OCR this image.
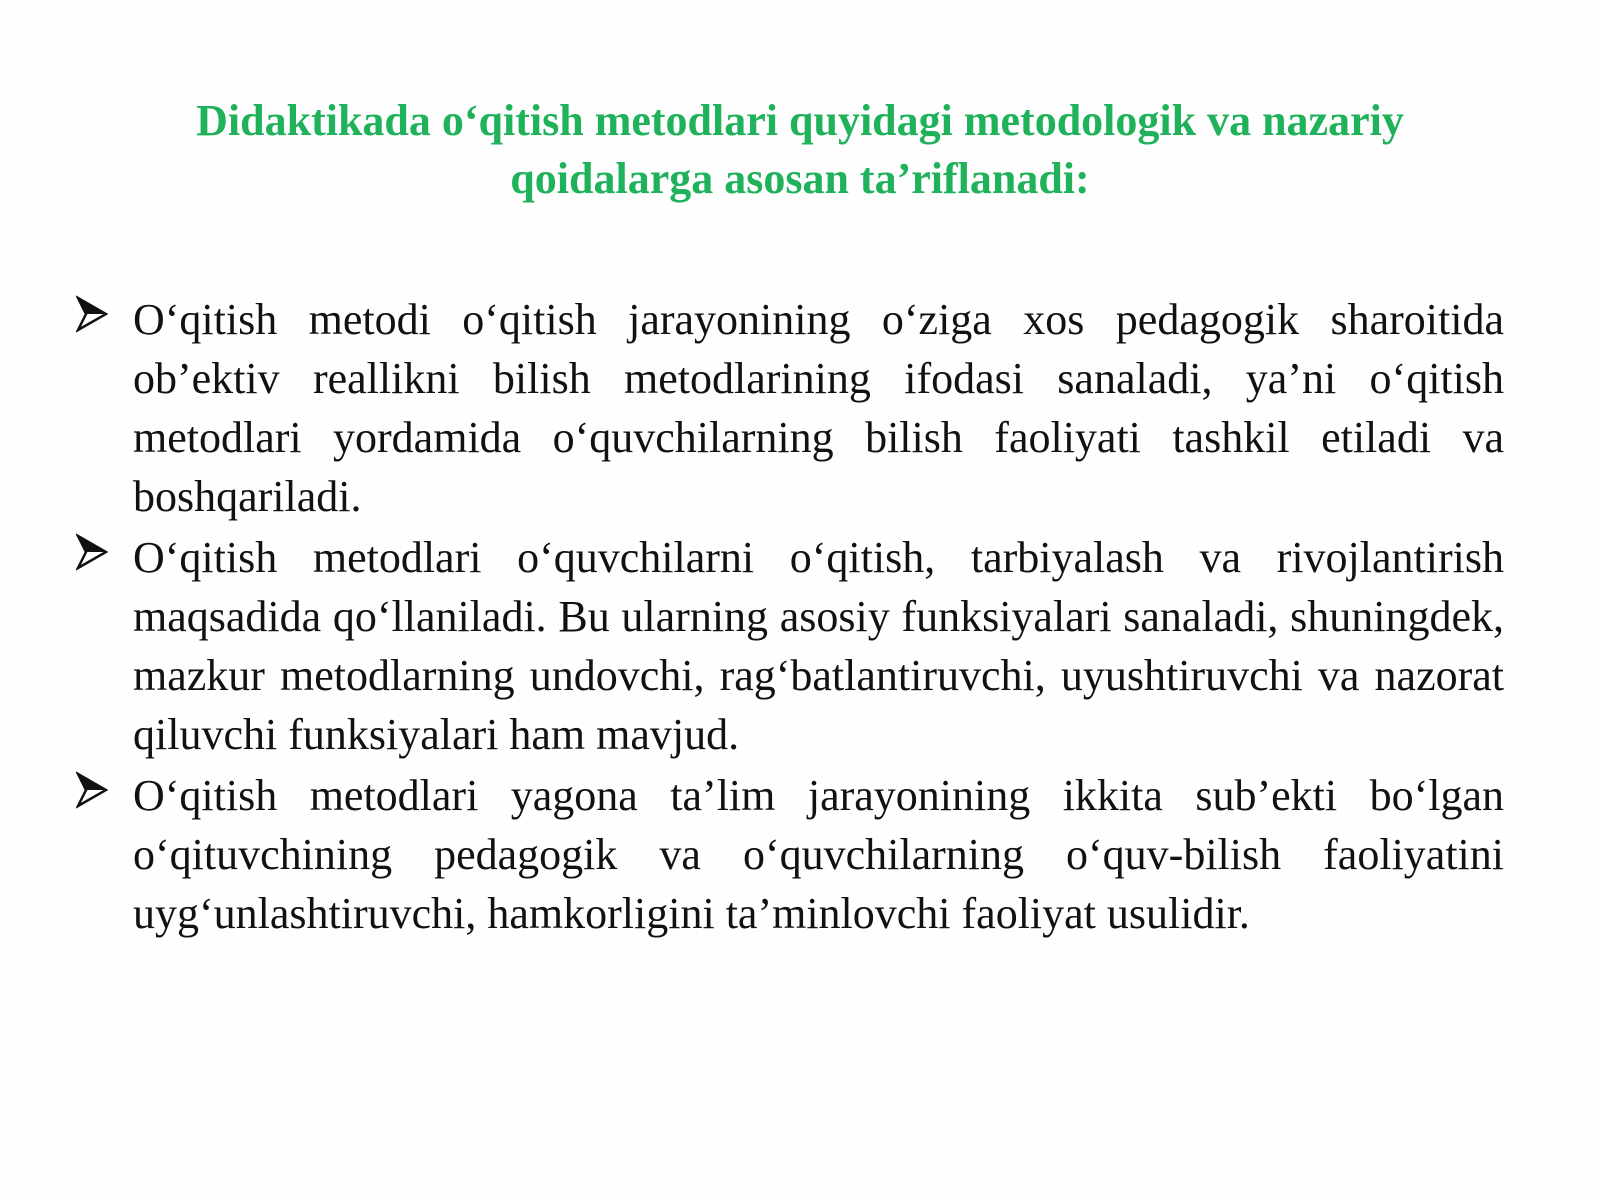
Didaktikada o‘qitish metodlari quyidagi metodologik va nazariy qoidalarga asosan ta’riflanadi:
O‘qitish metodi o‘qitish jarayonining o‘ziga xos pedagogik sharoitida ob’ektiv reallikni bilish metodlarining ifodasi sanaladi, ya’ni o‘qitish metodlari yordamida o‘quvchilarning bilish faoliyati tashkil etiladi va boshqariladi.
O‘qitish metodlari o‘quvchilarni o‘qitish, tarbiyalash va rivojlantirish maqsadida qo‘llaniladi. Bu ularning asosiy funksiyalari sanaladi, shuningdek, mazkur metodlarning undovchi, rag‘batlantiruvchi, uyushtiruvchi va nazorat qiluvchi funksiyalari ham mavjud.
O‘qitish metodlari yagona ta’lim jarayonining ikkita sub’ekti bo‘lgan o‘qituvchining pedagogik va o‘quvchilarning o‘quv-bilish faoliyatini uyg‘unlashtiruvchi, hamkorligini ta’minlovchi faoliyat usulidir.
